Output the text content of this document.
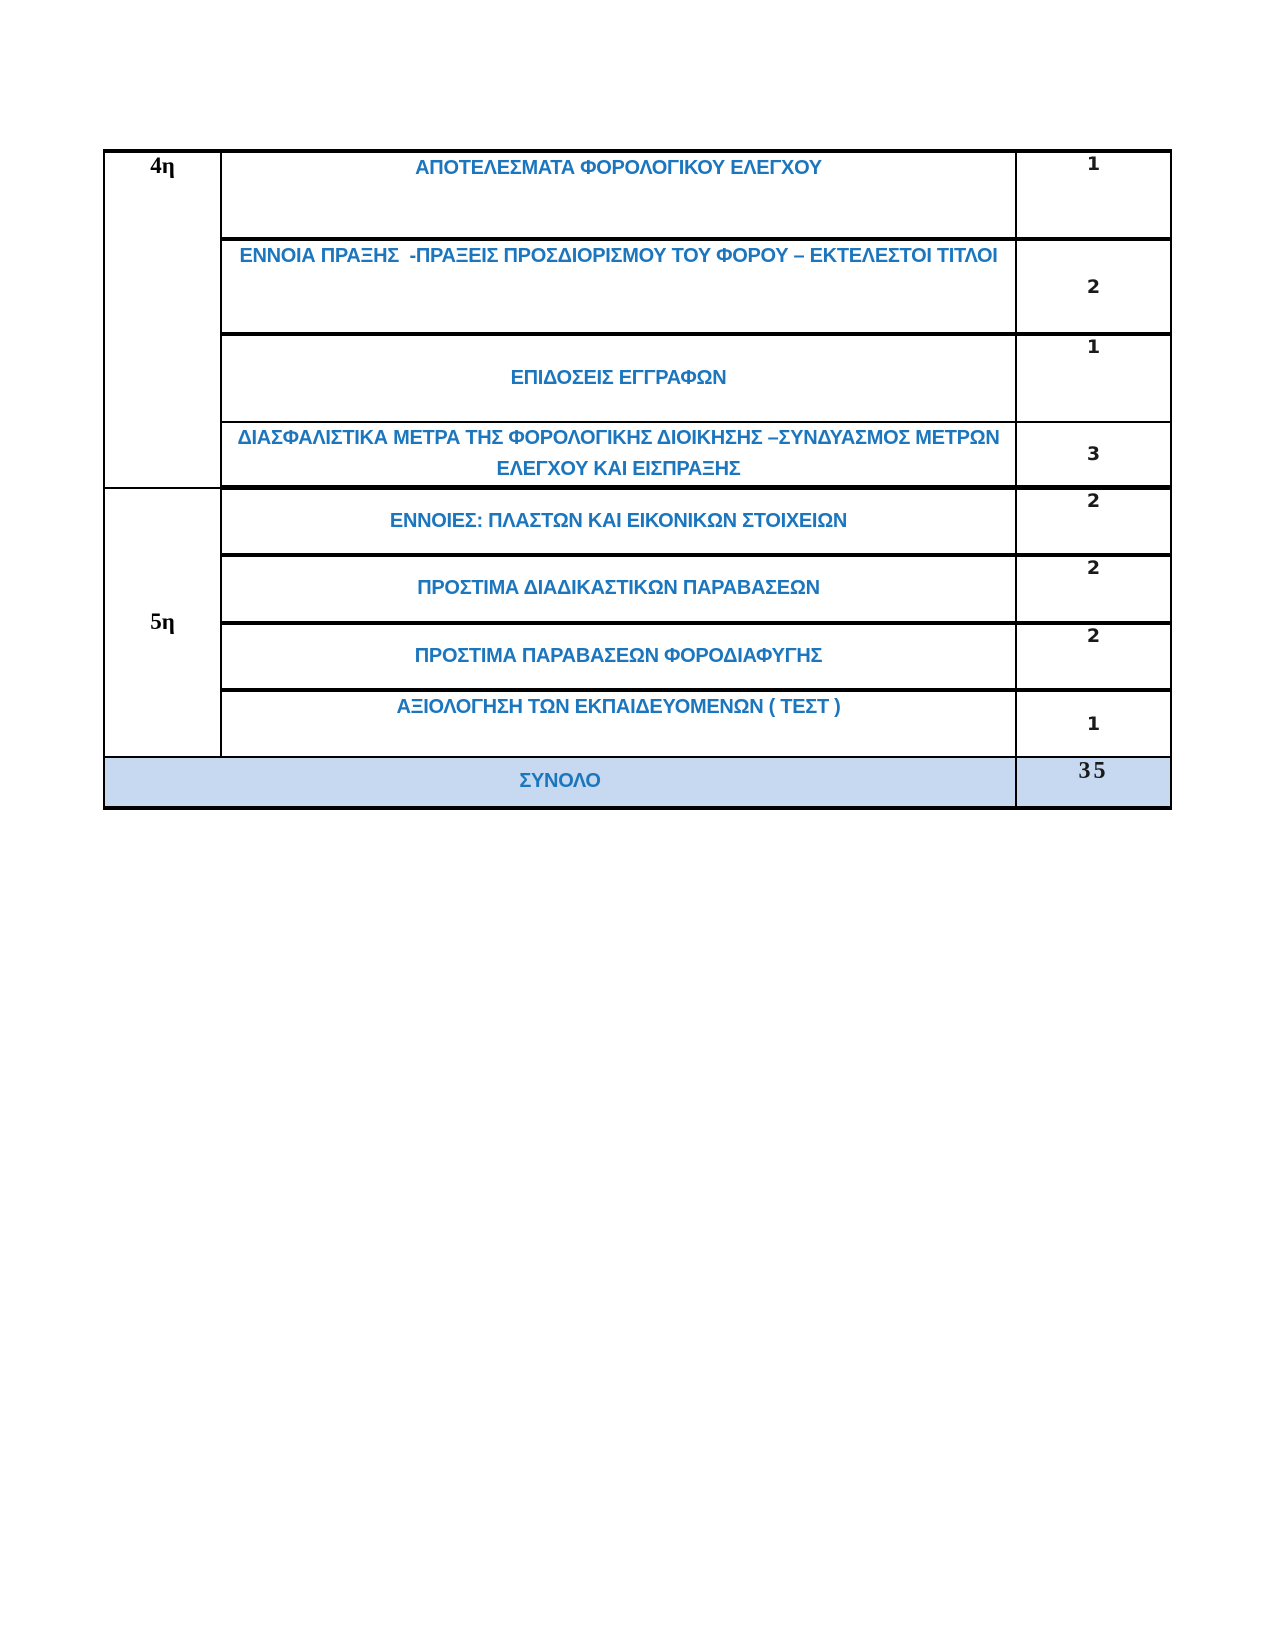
4η	ΑΠΟΤΕΛΕΣΜΑΤΑ ΦΟΡΟΛΟΓΙΚΟΥ ΕΛΕΓΧΟΥ	1
	ΕΝΝΟΙΑ ΠΡΑΞΗΣ  -ΠΡΑΞΕΙΣ ΠΡΟΣΔΙΟΡΙΣΜΟΥ ΤΟΥ ΦΟΡΟΥ – ΕΚΤΕΛΕΣΤΟΙ ΤΙΤΛΟΙ	2
	ΕΠΙΔΟΣΕΙΣ ΕΓΓΡΑΦΩΝ	1
	ΔΙΑΣΦΑΛΙΣΤΙΚΑ ΜΕΤΡΑ ΤΗΣ ΦΟΡΟΛΟΓΙΚΗΣ ΔΙΟΙΚΗΣΗΣ –ΣΥΝΔΥΑΣΜΟΣ ΜΕΤΡΩΝ ΕΛΕΓΧΟΥ ΚΑΙ ΕΙΣΠΡΑΞΗΣ	3
5η	ΕΝΝΟΙΕΣ: ΠΛΑΣΤΩΝ ΚΑΙ ΕΙΚΟΝΙΚΩΝ ΣΤΟΙΧΕΙΩΝ	2
	ΠΡΟΣΤΙΜΑ ΔΙΑΔΙΚΑΣΤΙΚΩΝ ΠΑΡΑΒΑΣΕΩΝ	2
	ΠΡΟΣΤΙΜΑ ΠΑΡΑΒΑΣΕΩΝ ΦΟΡΟΔΙΑΦΥΓΗΣ	2
	ΑΞΙΟΛΟΓΗΣΗ ΤΩΝ ΕΚΠΑΙΔΕΥΟΜΕΝΩΝ ( ΤΕΣΤ )	1
ΣΥΝΟΛΟ		35
